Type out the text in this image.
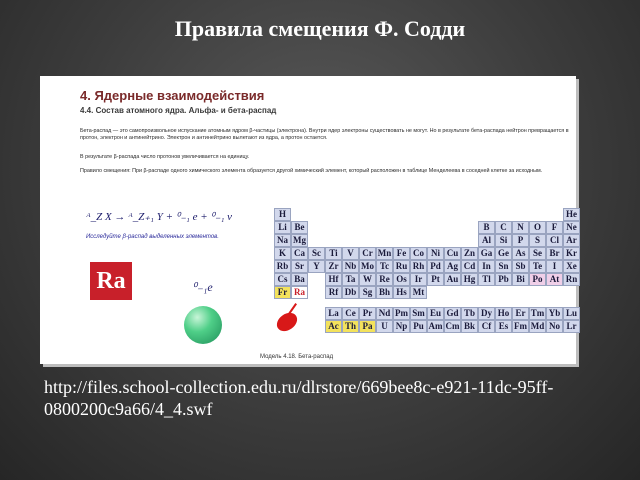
Правила смещения Ф. Содди
4. Ядерные взаимодействия
4.4. Состав атомного ядра. Альфа- и бета-распад
Бета-распад — это самопроизвольное испускание атомным ядром β-частицы (электрона). Внутри ядер электроны существовать не могут. Но в результате бета-распада нейтрон превращается в протон, электрон и антинейтрино. Электрон и антинейтрино вылетают из ядра, а протон остается.
В результате β-распада число протонов увеличивается на единицу.
Правило смещения: При β-распаде одного химического элемента образуется другой химический элемент, который расположен в таблице Менделеева в соседней клетке за исходным.
ᴬ_Z X → ᴬ_Z₊₁ Y + ⁰₋₁ e + ⁰₋₁ ν
Исследуйте β-распад выделенных элементов.
Ra	⁰₋₁e
H	He
Li Be	B	C	N	O	F	Ne
Na Mg	Al Si	P	S	Cl Ar
K Ca Sc Ti	V Cr Mn Fe Co Ni Cu Zn Ga Ge As Se Br Kr
Rb Sr	Y Zr Nb Mo Tc Ru Rh Pd Ag Cd In Sn Sb Te	I	Xe
Cs Ba	Hf Ta W Re Os Ir	Pt Au Hg Tl Pb Bi Po At Rn
Fr Ra	Rf Db Sg Bh Hs Mt
La Ce Pr Nd Pm Sm Eu Gd Tb Dy Ho Er Tm Yb Lu
Ac Th Pa U Np Pu Am Cm Bk Cf Es Fm Md No Lr
Модель 4.18. Бета-распад
http://files.school-collection.edu.ru/dlrstore/669bee8c-e921-11dc-95ff-0800200c9a66/4_4.swf
